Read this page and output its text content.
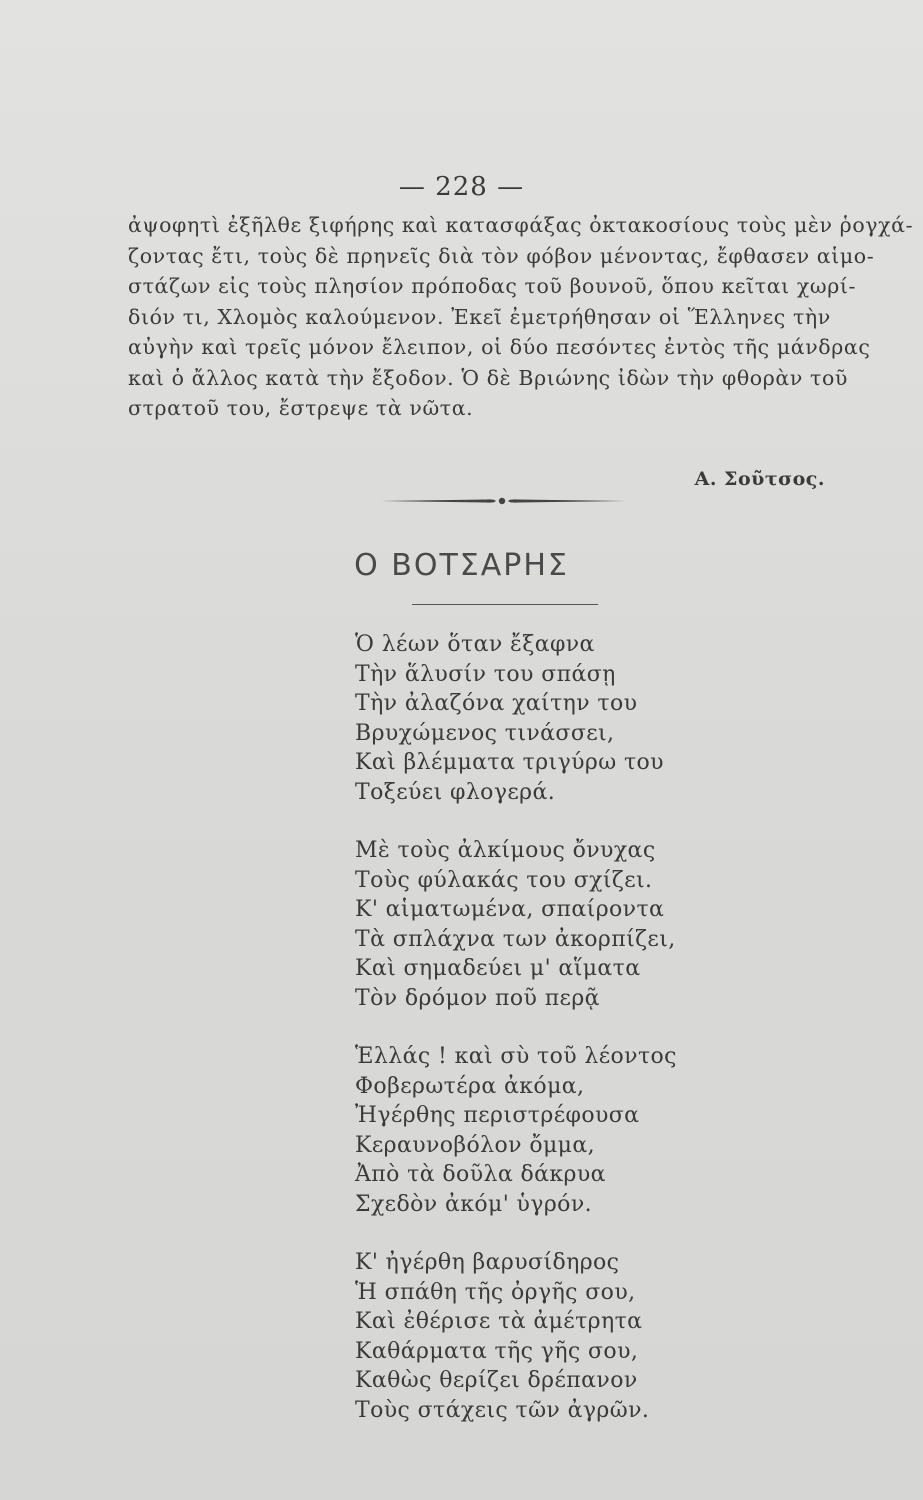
— 228 —
ἀψοφητὶ ἐξῆλθε ξιφήρης καὶ κατασφάξας ὀκτακοσίους τοὺς μὲν ῥογχά-
ζοντας ἔτι, τοὺς δὲ πρηνεῖς διὰ τὸν φόβον μένοντας, ἔφθασεν αἱμο-
στάζων εἰς τοὺς πλησίον πρόποδας τοῦ βουνοῦ, ὅπου κεῖται χωρί-
διόν τι, Χλομὸς καλούμενον. Ἐκεῖ ἐμετρήθησαν οἱ Ἕλληνες τὴν
αὐγὴν καὶ τρεῖς μόνον ἔλειπον, οἱ δύο πεσόντες ἐντὸς τῆς μάνδρας
καὶ ὁ ἄλλος κατὰ τὴν ἔξοδον. Ὁ δὲ Βριώνης ἰδὼν τὴν φθορὰν τοῦ
στρατοῦ του, ἔστρεψε τὰ νῶτα.
Α. Σοῦτσος.
Ο ΒΟΤΣΑΡΗΣ
Ὁ λέων ὅταν ἔξαφνα
Τὴν ἅλυσίν του σπάσῃ
Τὴν ἀλαζόνα χαίτην του
Βρυχώμενος τινάσσει,
Καὶ βλέμματα τριγύρω του
Τοξεύει φλογερά.
Μὲ τοὺς ἀλκίμους ὄνυχας
Τοὺς φύλακάς του σχίζει.
Κ' αἱματωμένα, σπαίροντα
Τὰ σπλάχνα των ἀκορπίζει,
Καὶ σημαδεύει μ' αἵματα
Τὸν δρόμον ποῦ περᾷ
Ἑλλάς ! καὶ σὺ τοῦ λέοντος
Φοβερωτέρα ἀκόμα,
Ἠγέρθης περιστρέφουσα
Κεραυνοβόλον ὄμμα,
Ἀπὸ τὰ δοῦλα δάκρυα
Σχεδὸν ἀκόμ' ὑγρόν.
Κ' ἠγέρθη βαρυσίδηρος
Ἡ σπάθη τῆς ὀργῆς σου,
Καὶ ἐθέρισε τὰ ἀμέτρητα
Καθάρματα τῆς γῆς σου,
Καθὼς θερίζει δρέπανον
Τοὺς στάχεις τῶν ἀγρῶν.
